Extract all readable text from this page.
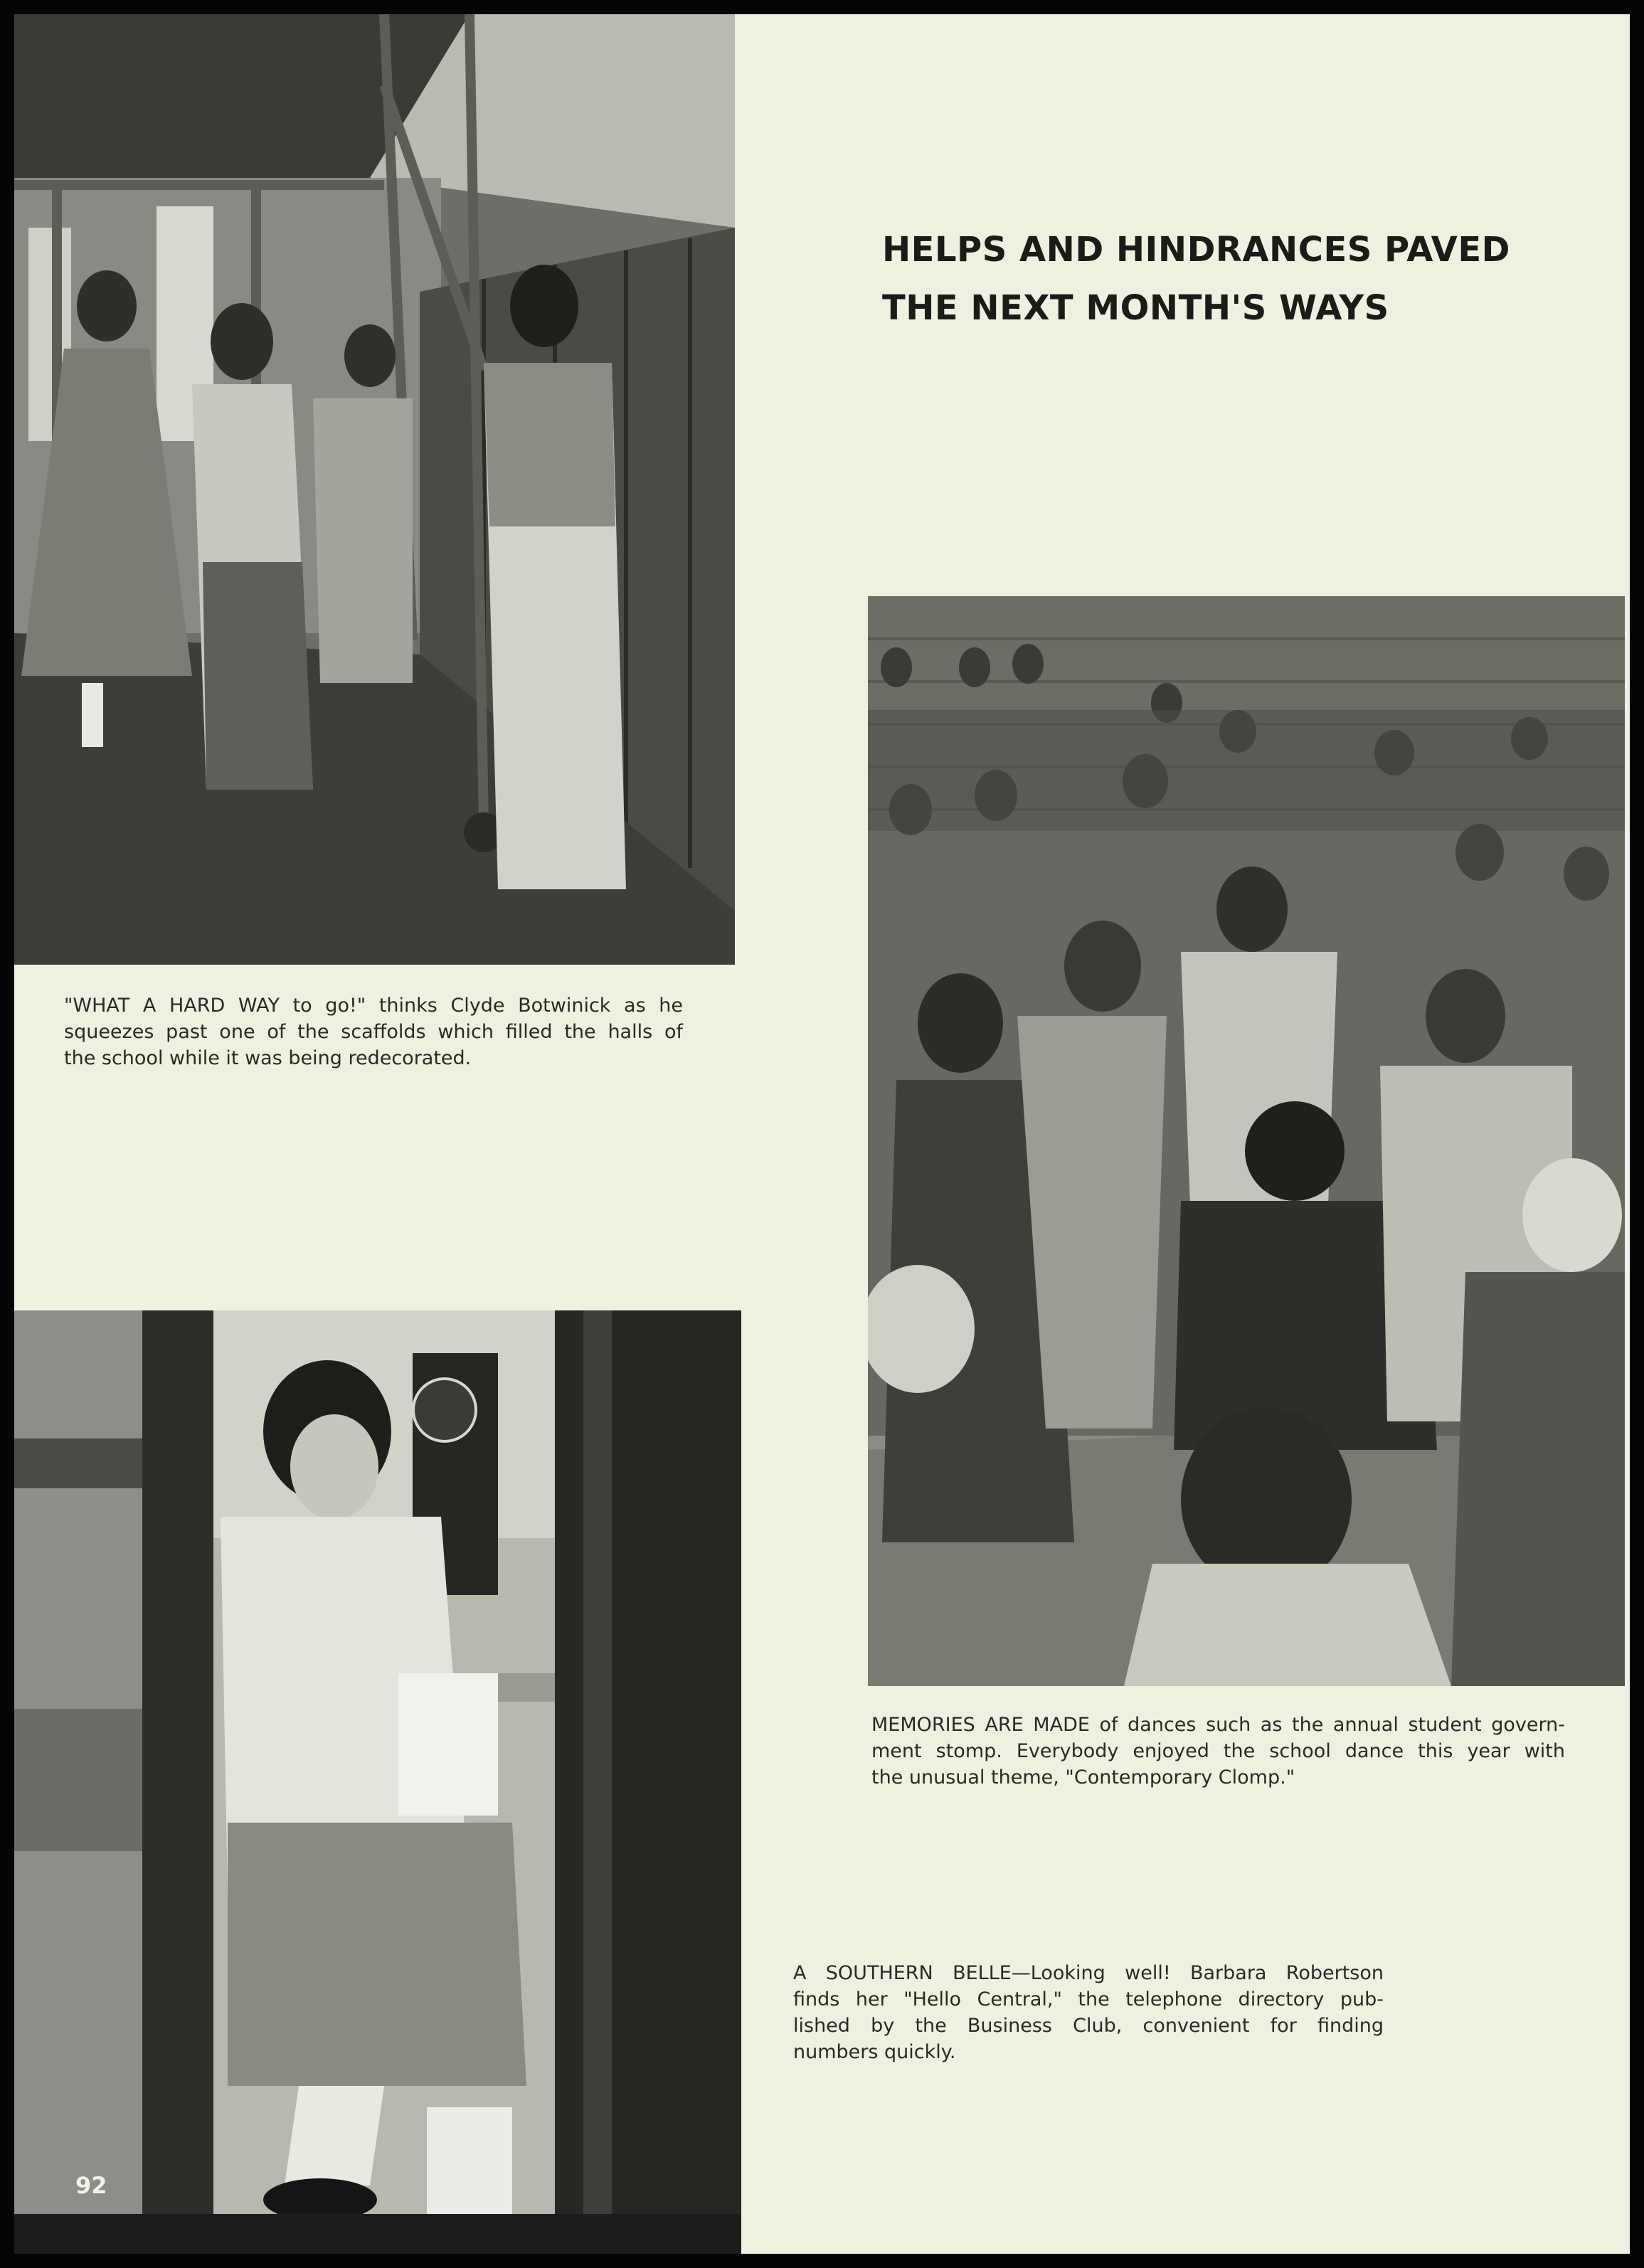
"WHAT A HARD WAY to go!" thinks Clyde Botwinick as he
squeezes past one of the scaffolds which filled the halls of
the school while it was being redecorated.

HELPS AND HINDRANCES PAVED
THE NEXT MONTH'S WAYS

MEMORIES ARE MADE of dances such as the annual student govern-
ment stomp. Everybody enjoyed the school dance this year with
the unusual theme, "Contemporary Clomp."

92

A SOUTHERN BELLE—Looking well! Barbara Robertson
finds her "Hello Central," the telephone directory pub-
lished by the Business Club, convenient for finding
numbers quickly.
